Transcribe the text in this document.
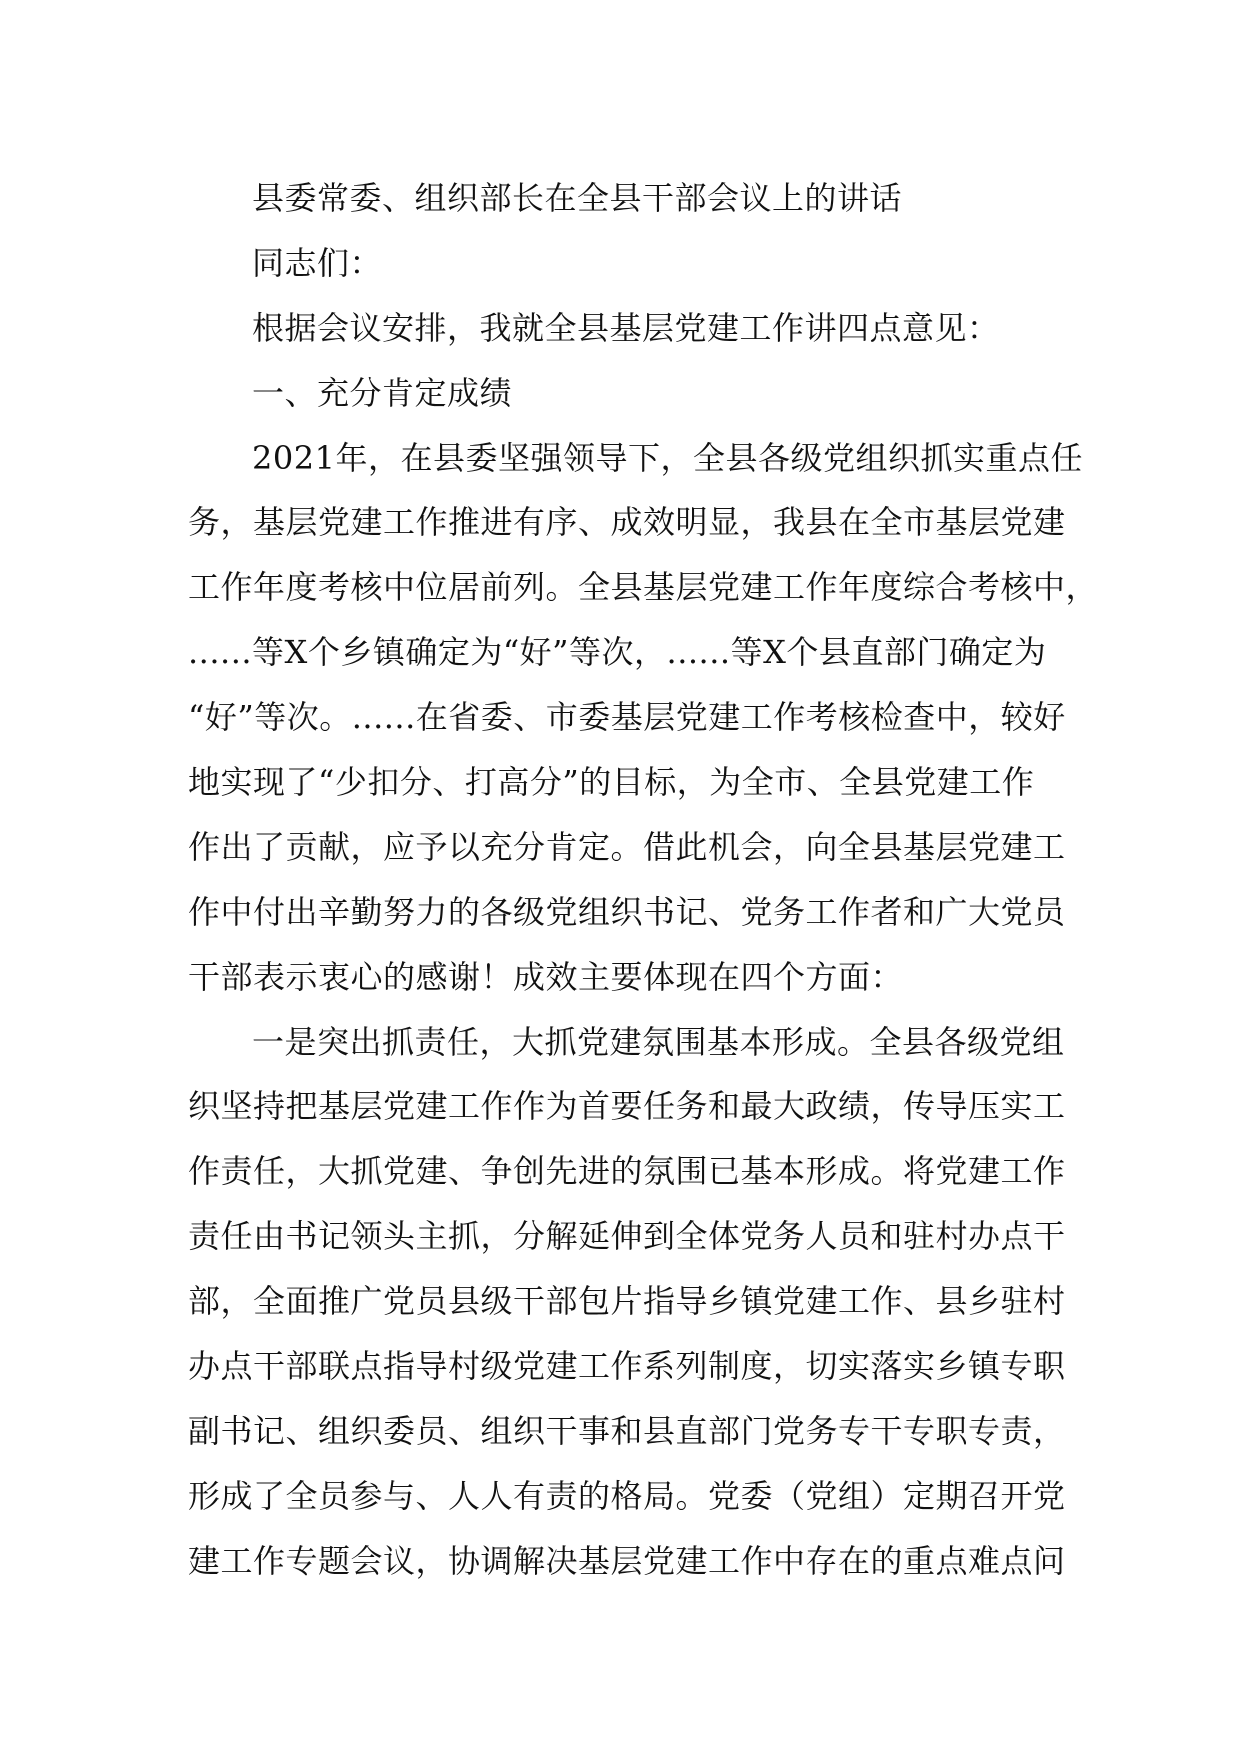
县委常委、组织部长在全县干部会议上的讲话
同志们：
根据会议安排，我就全县基层党建工作讲四点意见：
一、充分肯定成绩
2021年，在县委坚强领导下，全县各级党组织抓实重点任
务，基层党建工作推进有序、成效明显，我县在全市基层党建
工作年度考核中位居前列。全县基层党建工作年度综合考核中，
......等X个乡镇确定为“好”等次，......等X个县直部门确定为
“好”等次。......在省委、市委基层党建工作考核检查中，较好
地实现了“少扣分、打高分”的目标，为全市、全县党建工作
作出了贡献，应予以充分肯定。借此机会，向全县基层党建工
作中付出辛勤努力的各级党组织书记、党务工作者和广大党员
干部表示衷心的感谢！成效主要体现在四个方面：
一是突出抓责任，大抓党建氛围基本形成。全县各级党组
织坚持把基层党建工作作为首要任务和最大政绩，传导压实工
作责任，大抓党建、争创先进的氛围已基本形成。将党建工作
责任由书记领头主抓，分解延伸到全体党务人员和驻村办点干
部，全面推广党员县级干部包片指导乡镇党建工作、县乡驻村
办点干部联点指导村级党建工作系列制度，切实落实乡镇专职
副书记、组织委员、组织干事和县直部门党务专干专职专责，
形成了全员参与、人人有责的格局。党委（党组）定期召开党
建工作专题会议，协调解决基层党建工作中存在的重点难点问
